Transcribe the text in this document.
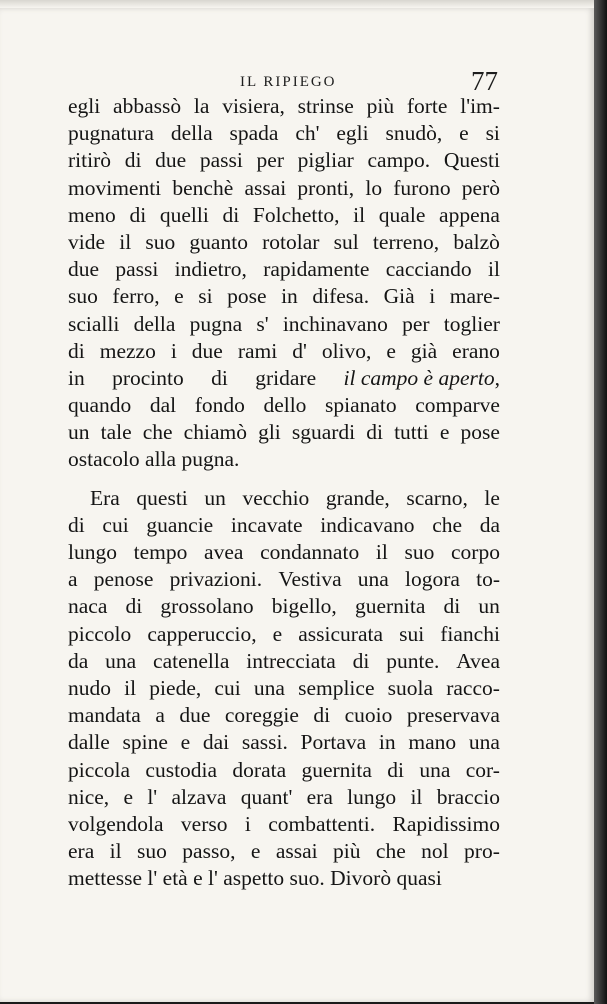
IL RIPIEGO	77
egli abbassò la visiera, strinse più forte l'im-
pugnatura della spada ch' egli snudò, e si
ritirò di due passi per pigliar campo. Questi
movimenti benchè assai pronti, lo furono però
meno di quelli di Folchetto, il quale appena
vide il suo guanto rotolar sul terreno, balzò
due passi indietro, rapidamente cacciando il
suo ferro, e si pose in difesa. Già i mare-
scialli della pugna s' inchinavano per toglier
di mezzo i due rami d' olivo, e già erano
in procinto di gridare il campo è aperto,
quando dal fondo dello spianato comparve
un tale che chiamò gli sguardi di tutti e pose
ostacolo
alla
pugna.
Era questi un vecchio grande, scarno, le
di cui guancie incavate indicavano che da
lungo tempo avea condannato il suo corpo
a penose privazioni. Vestiva una logora to-
naca di grossolano bigello, guernita di un
piccolo capperuccio, e assicurata sui fianchi
da una catenella intrecciata di punte. Avea
nudo il piede, cui una semplice suola racco-
mandata a due coreggie di cuoio preservava
dalle spine e dai sassi. Portava in mano una
piccola custodia dorata guernita di una cor-
nice, e l' alzava quant' era lungo il braccio
volgendola verso i combattenti. Rapidissimo
era il suo passo, e assai più che nol pro-
mettesse
l'
età
e
l'
aspetto
suo.
Divorò
quasi
